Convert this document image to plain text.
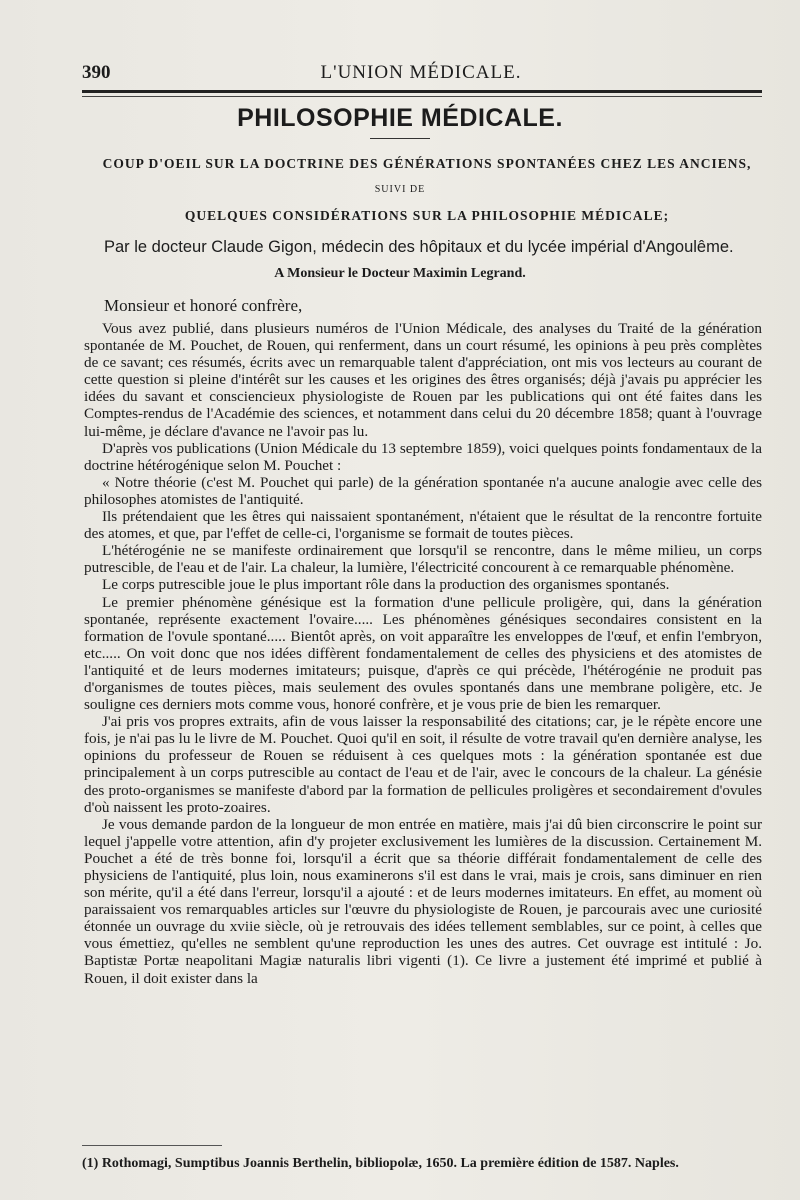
390	L'UNION MÉDICALE.
PHILOSOPHIE MÉDICALE.
COUP D'OEIL SUR LA DOCTRINE DES GÉNÉRATIONS SPONTANÉES CHEZ LES ANCIENS,
SUIVI DE
QUELQUES CONSIDÉRATIONS SUR LA PHILOSOPHIE MÉDICALE;
Par le docteur Claude Gigon, médecin des hôpitaux et du lycée impérial d'Angoulême.
A Monsieur le Docteur Maximin Legrand.
Monsieur et honoré confrère,

Vous avez publié, dans plusieurs numéros de l'Union Médicale, des analyses du Traité de la génération spontanée de M. Pouchet, de Rouen, qui renferment, dans un court résumé, les opinions à peu près complètes de ce savant; ces résumés, écrits avec un remarquable talent d'appréciation, ont mis vos lecteurs au courant de cette question si pleine d'intérêt sur les causes et les origines des êtres organisés; déjà j'avais pu apprécier les idées du savant et consciencieux physiologiste de Rouen par les publications qui ont été faites dans les Comptes-rendus de l'Académie des sciences, et notamment dans celui du 20 décembre 1858; quant à l'ouvrage lui-même, je déclare d'avance ne l'avoir pas lu.

D'après vos publications (Union Médicale du 13 septembre 1859), voici quelques points fondamentaux de la doctrine hétérogénique selon M. Pouchet :

« Notre théorie (c'est M. Pouchet qui parle) de la génération spontanée n'a aucune analogie avec celle des philosophes atomistes de l'antiquité.

Ils prétendaient que les êtres qui naissaient spontanément, n'étaient que le résultat de la rencontre fortuite des atomes, et que, par l'effet de celle-ci, l'organisme se formait de toutes pièces.

L'hétérogénie ne se manifeste ordinairement que lorsqu'il se rencontre, dans le même milieu, un corps putrescible, de l'eau et de l'air. La chaleur, la lumière, l'électricité concourent à ce remarquable phénomène.

Le corps putrescible joue le plus important rôle dans la production des organismes spontanés.

Le premier phénomène génésique est la formation d'une pellicule proligère, qui, dans la génération spontanée, représente exactement l'ovaire..... Les phénomènes génésiques secondaires consistent en la formation de l'ovule spontané..... Bientôt après, on voit apparaître les enveloppes de l'œuf, et enfin l'embryon, etc..... On voit donc que nos idées diffèrent fondamentalement de celles des physiciens et des atomistes de l'antiquité et de leurs modernes imitateurs; puisque, d'après ce qui précède, l'hétérogénie ne produit pas d'organismes de toutes pièces, mais seulement des ovules spontanés dans une membrane poligère, etc. Je souligne ces derniers mots comme vous, honoré confrère, et je vous prie de bien les remarquer.

J'ai pris vos propres extraits, afin de vous laisser la responsabilité des citations; car, je le répète encore une fois, je n'ai pas lu le livre de M. Pouchet. Quoi qu'il en soit, il résulte de votre travail qu'en dernière analyse, les opinions du professeur de Rouen se réduisent à ces quelques mots : la génération spontanée est due principalement à un corps putrescible au contact de l'eau et de l'air, avec le concours de la chaleur. La génésie des proto-organismes se manifeste d'abord par la formation de pellicules proligères et secondairement d'ovules d'où naissent les proto-zoaires.

Je vous demande pardon de la longueur de mon entrée en matière, mais j'ai dû bien circonscrire le point sur lequel j'appelle votre attention, afin d'y projeter exclusivement les lumières de la discussion. Certainement M. Pouchet a été de très bonne foi, lorsqu'il a écrit que sa théorie différait fondamentalement de celle des physiciens de l'antiquité, plus loin, nous examinerons s'il est dans le vrai, mais je crois, sans diminuer en rien son mérite, qu'il a été dans l'erreur, lorsqu'il a ajouté : et de leurs modernes imitateurs. En effet, au moment où paraissaient vos remarquables articles sur l'œuvre du physiologiste de Rouen, je parcourais avec une curiosité étonnée un ouvrage du xviie siècle, où je retrouvais des idées tellement semblables, sur ce point, à celles que vous émettiez, qu'elles ne semblent qu'une reproduction les unes des autres. Cet ouvrage est intitulé : Jo. Baptistæ Portæ neapolitani Magiæ naturalis libri vigenti (1). Ce livre a justement été imprimé et publié à Rouen, il doit exister dans la

(1) Rothomagi, Sumptibus Joannis Berthelin, bibliopolæ, 1650. La première édition de 1587. Naples.
